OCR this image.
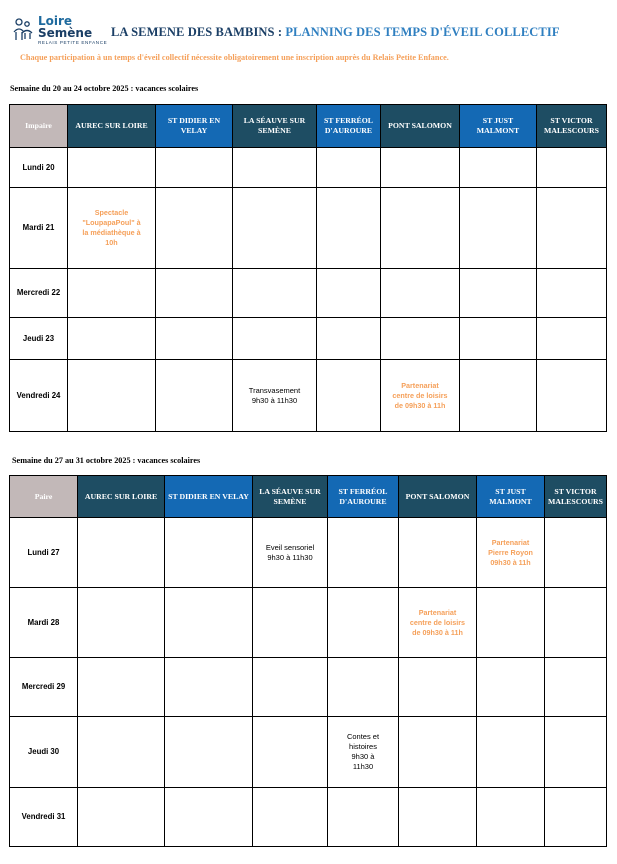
Loire
Semène
RELAIS PETITE ENFANCE
LA SEMENE DES BAMBINS : PLANNING DES TEMPS D'ÉVEIL COLLECTIF
Chaque participation à un temps d'éveil collectif nécessite obligatoirement une inscription auprès du Relais Petite Enfance.
Semaine du 20 au 24 octobre 2025 : vacances scolaires
Impaire	AUREC SUR LOIRE	ST DIDIER EN VELAY	LA SÉAUVE SUR SEMÈNE	ST FERRÉOL D'AUROURE	PONT SALOMON	ST JUST MALMONT	ST VICTOR MALESCOURS
Lundi 20							
Mardi 21	Spectacle "LoupapaPoul" à la médiathèque à 10h						

Mercredi 22							
Jeudi 23							
Vendredi 24			Transvasement 9h30 à 11h30		Partenariat centre de loisirs de 09h30 à 11h		

Semaine du 27 au 31 octobre 2025 : vacances scolaires
Paire	AUREC SUR LOIRE	ST DIDIER EN VELAY	LA SÉAUVE SUR SEMÈNE	ST FERRÉOL D'AUROURE	PONT SALOMON	ST JUST MALMONT	ST VICTOR MALESCOURS
Lundi 27			Eveil sensoriel 9h30 à 11h30			Partenariat Pierre Royon 09h30 à 11h	

Mardi 28					Partenariat centre de loisirs de 09h30 à 11h		

Mercredi 29							
Jeudi 30				Contes et histoires 9h30 à 11h30			

Vendredi 31							
